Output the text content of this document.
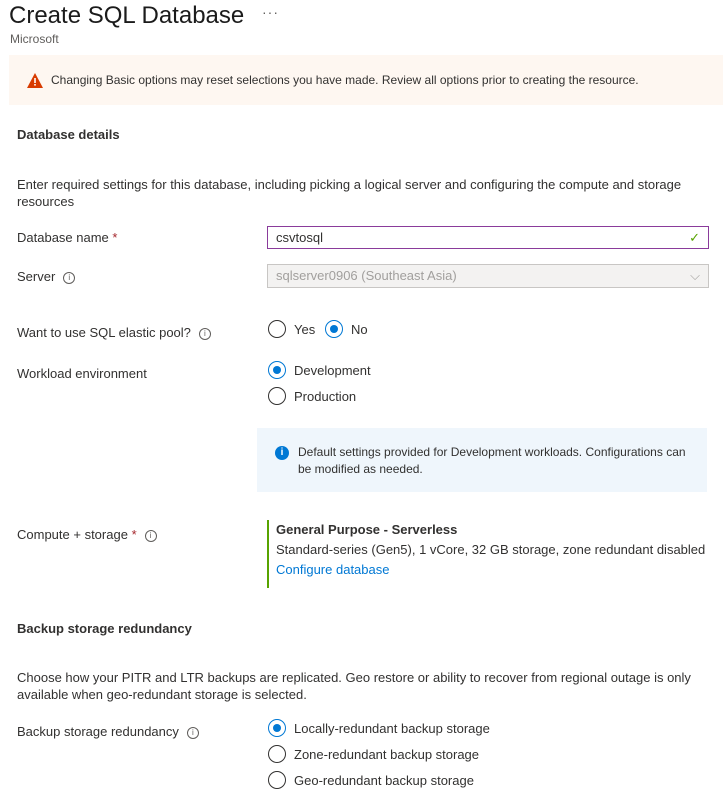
Create SQL Database ···
Microsoft
Changing Basic options may reset selections you have made. Review all options prior to creating the resource.
Database details
Enter required settings for this database, including picking a logical server and configuring the compute and storage resources
Database name *	csvtosql	✓
Server i	sqlserver0906 (Southeast Asia)	⌵
Want to use SQL elastic pool? i	Yes	No
Workload environment	Development
Production
i	Default settings provided for Development workloads. Configurations can be modified as needed.
Compute + storage * i	General Purpose - Serverless
Standard-series (Gen5), 1 vCore, 32 GB storage, zone redundant disabled
Configure database
Backup storage redundancy
Choose how your PITR and LTR backups are replicated. Geo restore or ability to recover from regional outage is only available when geo-redundant storage is selected.
Backup storage redundancy i	Locally-redundant backup storage
Zone-redundant backup storage
Geo-redundant backup storage
